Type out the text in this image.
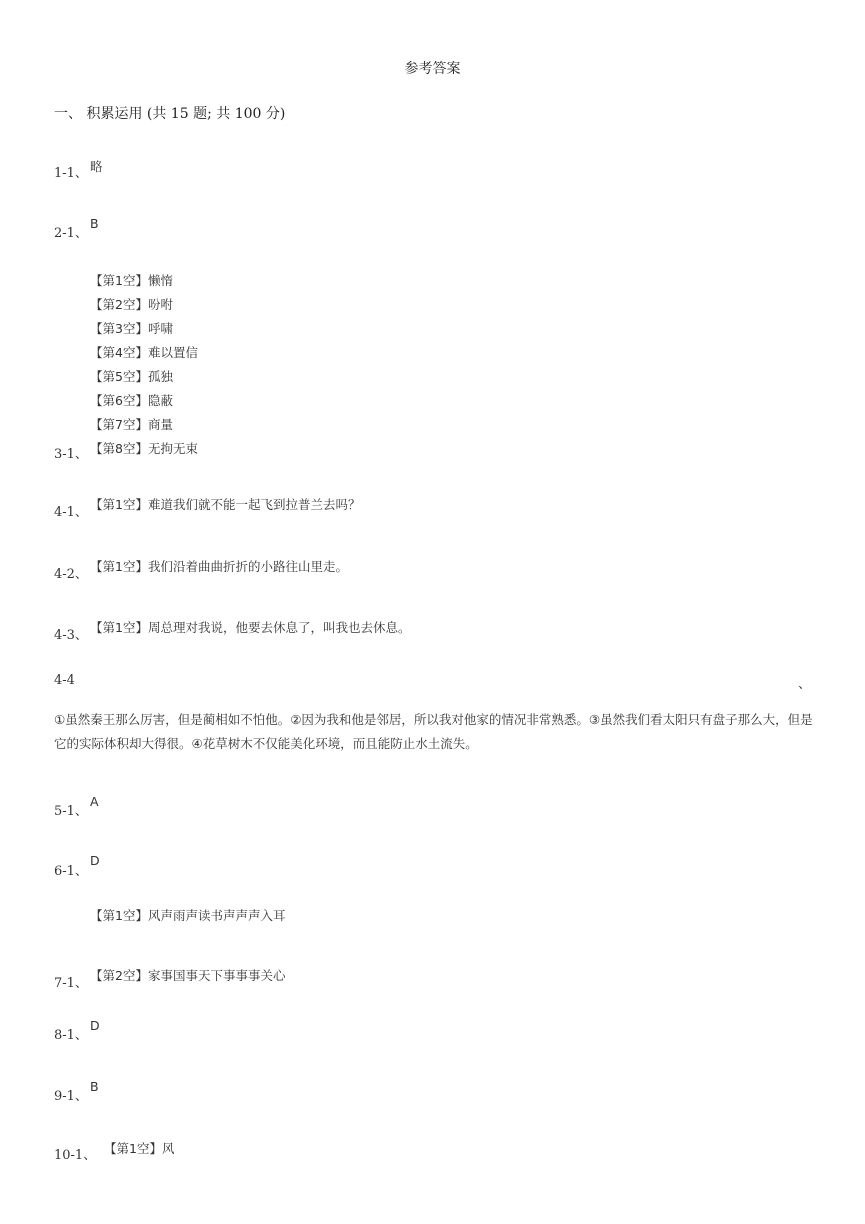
参考答案
一、 积累运用 (共 15 题; 共 100 分)
1-1、 略
2-1、
B
【第1空】懒惰
【第2空】吩咐
【第3空】呼啸
【第4空】难以置信
【第5空】孤独
【第6空】隐蔽
【第7空】商量
【第8空】无拘无束
3-1、
4-1、
【第1空】难道我们就不能一起飞到拉普兰去吗？
4-2、
【第1空】我们沿着曲曲折折的小路往山里走。
4-3、
【第1空】周总理对我说，他要去休息了，叫我也去休息。
4-4	、
①虽然秦王那么厉害，但是蔺相如不怕他。②因为我和他是邻居，所以我对他家的情况非常熟悉。③虽然我们看太阳只有盘子那么大，但是它的实际体积却大得很。④花草树木不仅能美化环境，而且能防止水土流失。
5-1、
A
6-1、
D
【第1空】风声雨声读书声声声入耳
7-1、
【第2空】家事国事天下事事事关心
8-1、
D
9-1、
B
10-1、 【第1空】风
